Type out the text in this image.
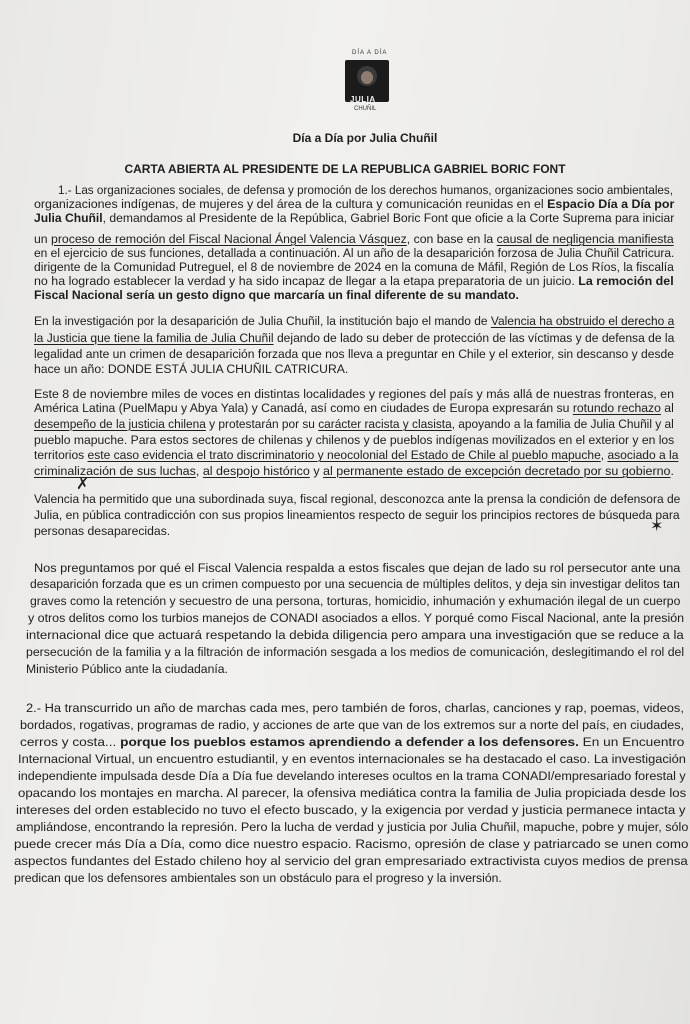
DÍA A DÍA
JULIA
CHUÑIL
Día a Día por Julia Chuñil
CARTA ABIERTA AL PRESIDENTE DE LA REPUBLICA GABRIEL BORIC FONT
1.- Las organizaciones sociales, de defensa y promoción de los derechos humanos, organizaciones socio ambientales,
organizaciones indígenas, de mujeres y del área de la cultura y comunicación reunidas en el Espacio Día a Día por
Julia Chuñil, demandamos al Presidente de la República, Gabriel Boric Font que oficie a la Corte Suprema para iniciar
un proceso de remoción del Fiscal Nacional Ángel Valencia Vásquez, con base en la causal de negligencia manifiesta
en el ejercicio de sus funciones, detallada a continuación. Al un año de la desaparición forzosa de Julia Chuñil Catricura.
dirigente de la Comunidad Putreguel, el 8 de noviembre de 2024 en la comuna de Máfil, Región de Los Ríos, la fiscalía
no ha logrado establecer la verdad y ha sido incapaz de llegar a la etapa preparatoria de un juicio. La remoción del
Fiscal Nacional sería un gesto digno que marcaría un final diferente de su mandato.
En la investigación por la desaparición de Julia Chuñil, la institución bajo el mando de Valencia ha obstruido el derecho a
la Justicia que tiene la familia de Julia Chuñil dejando de lado su deber de protección de las víctimas y de defensa de la
legalidad ante un crimen de desaparición forzada que nos lleva a preguntar en Chile y el exterior, sin descanso y desde
hace un año: DONDE ESTÁ JULIA CHUÑIL CATRICURA.
Este 8 de noviembre miles de voces en distintas localidades y regiones del país y más allá de nuestras fronteras, en
América Latina (PuelMapu y Abya Yala) y Canadá, así como en ciudades de Europa expresarán su rotundo rechazo al
desempeño de la justicia chilena y protestarán por su carácter racista y clasista, apoyando a la familia de Julia Chuñil y al
pueblo mapuche. Para estos sectores de chilenas y chilenos y de pueblos indígenas movilizados en el exterior y en los
territorios este caso evidencia el trato discriminatorio y neocolonial del Estado de Chile al pueblo mapuche, asociado a la
criminalización de sus luchas, al despojo histórico y al permanente estado de excepción decretado por su gobierno.
Valencia ha permitido que una subordinada suya, fiscal regional, desconozca ante la prensa la condición de defensora de
Julia, en pública contradicción con sus propios lineamientos respecto de seguir los principios rectores de búsqueda para
personas desaparecidas.
Nos preguntamos por qué el Fiscal Valencia respalda a estos fiscales que dejan de lado su rol persecutor ante una
desaparición forzada que es un crimen compuesto por una secuencia de múltiples delitos, y deja sin investigar delitos tan
graves como la retención y secuestro de una persona, torturas, homicidio, inhumación y exhumación ilegal de un cuerpo
y otros delitos como los turbios manejos de CONADI asociados a ellos. Y porqué como Fiscal Nacional, ante la presión
internacional dice que actuará respetando la debida diligencia pero ampara una investigación que se reduce a la
persecución de la familia y a la filtración de información sesgada a los medios de comunicación, deslegitimando el rol del
Ministerio Público ante la ciudadanía.
2.- Ha transcurrido un año de marchas cada mes, pero también de foros, charlas, canciones y rap, poemas, videos,
bordados, rogativas, programas de radio, y acciones de arte que van de los extremos sur a norte del país, en ciudades,
cerros y costa... porque los pueblos estamos aprendiendo a defender a los defensores. En un Encuentro
Internacional Virtual, un encuentro estudiantil, y en eventos internacionales se ha destacado el caso. La investigación
independiente impulsada desde Día a Día fue develando intereses ocultos en la trama CONADI/empresariado forestal y
opacando los montajes en marcha. Al parecer, la ofensiva mediática contra la familia de Julia propiciada desde los
intereses del orden establecido no tuvo el efecto buscado, y la exigencia por verdad y justicia permanece intacta y
ampliándose, encontrando la represión. Pero la lucha de verdad y justicia por Julia Chuñil, mapuche, pobre y mujer, sólo
puede crecer más Día a Día, como dice nuestro espacio. Racismo, opresión de clase y patriarcado se unen como
aspectos fundantes del Estado chileno hoy al servicio del gran empresariado extractivista cuyos medios de prensa
predican que los defensores ambientales son un obstáculo para el progreso y la inversión.
✗
✶
